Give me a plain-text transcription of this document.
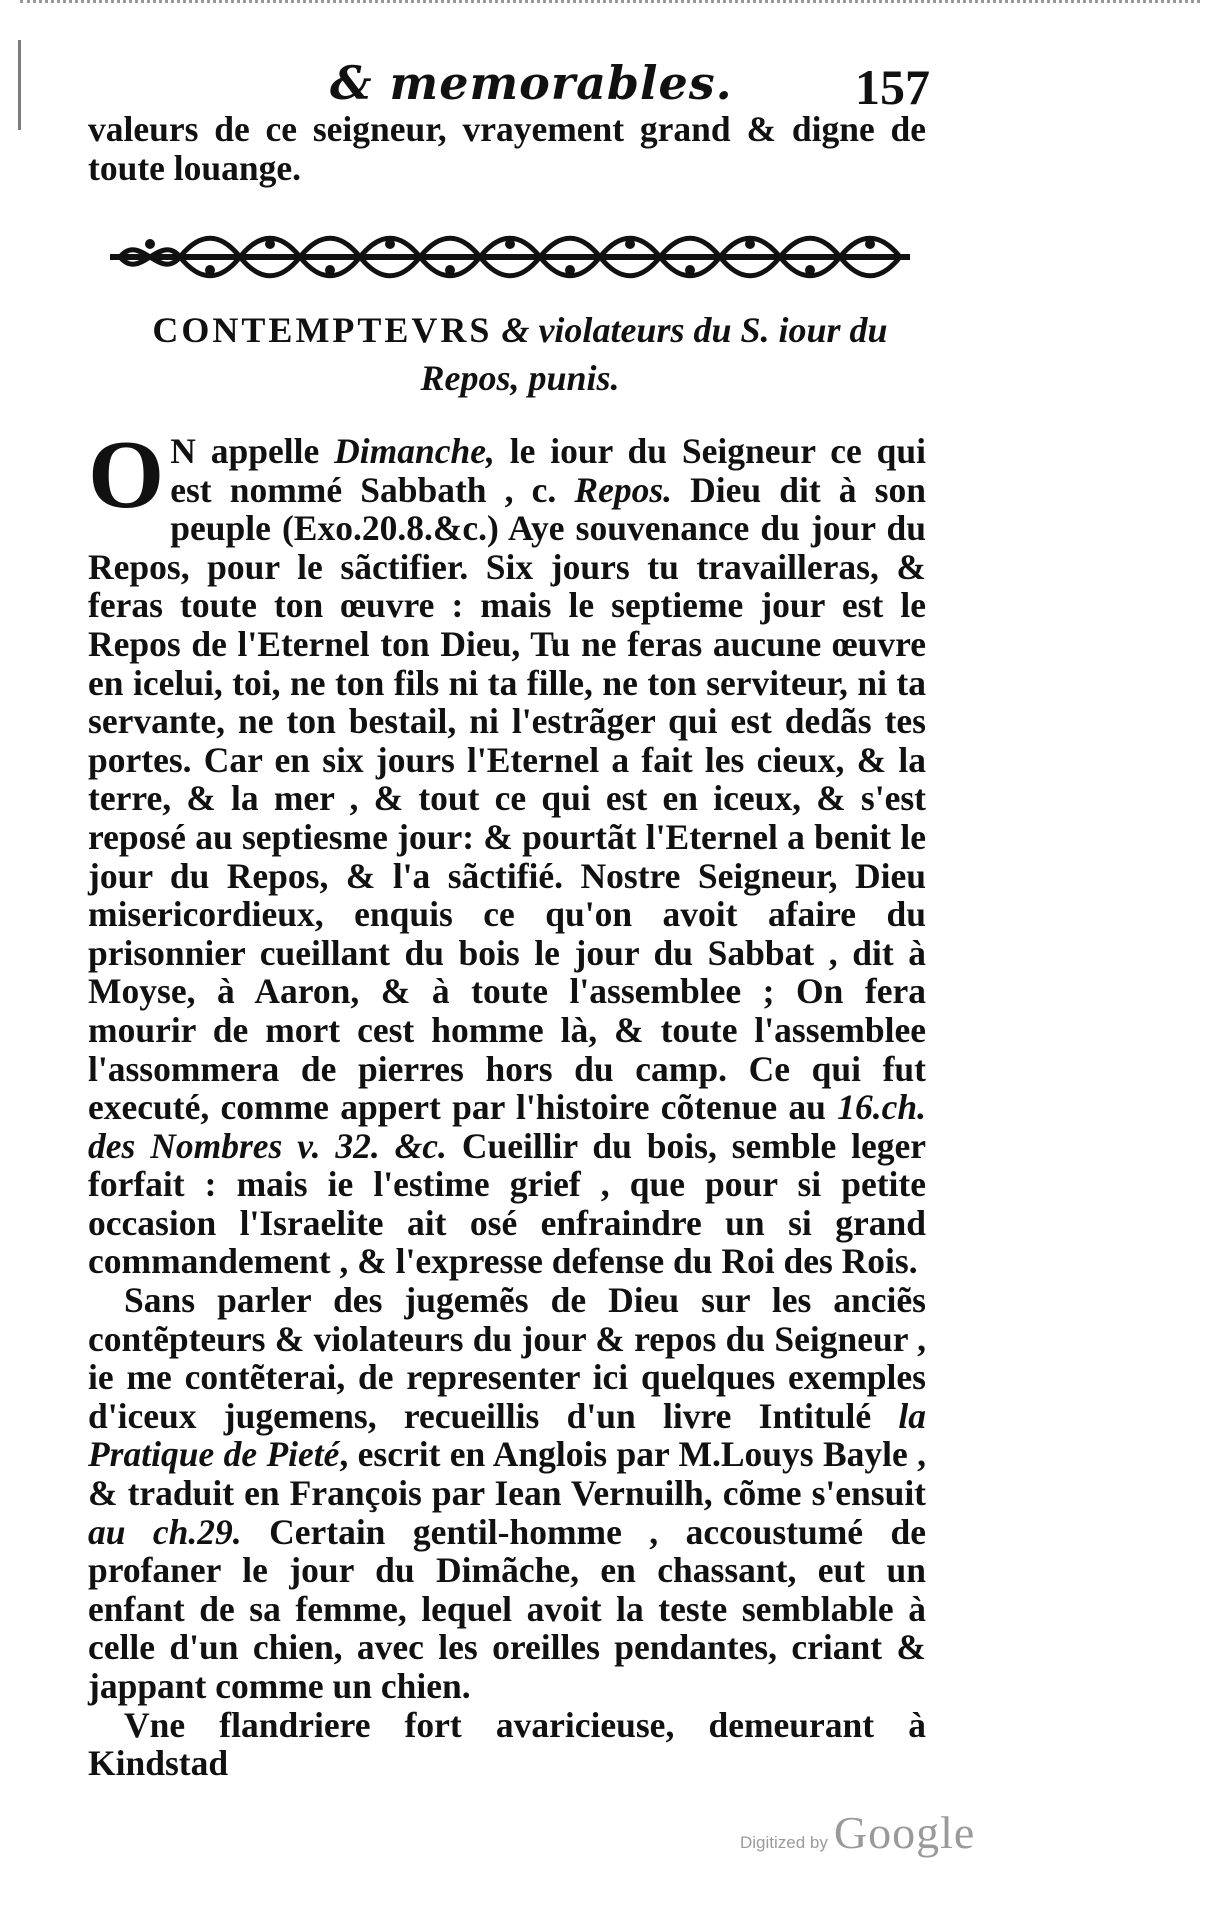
& memorables. 157
valeurs de ce seigneur, vrayement grand & digne de toute louange.
CONTEMPTEVRS & violateurs du S. iour du Repos, punis.

O N appelle Dimanche, le iour du Seigneur ce qui est nommé Sabbath , c. Repos. Dieu dit à son peuple (Exo.20.8.&c.) Aye souvenance du jour du Repos, pour le sãctifier. Six jours tu travailleras, & feras toute ton œuvre : mais le septieme jour est le Repos de l'Eternel ton Dieu, Tu ne feras aucune œuvre en icelui, toi, ne ton fils ni ta fille, ne ton serviteur, ni ta servante, ne ton bestail, ni l'estrãger qui est dedãs tes portes. Car en six jours l'Eternel a fait les cieux, & la terre, & la mer , & tout ce qui est en iceux, & s'est reposé au septiesme jour: & pourtãt l'Eternel a benit le jour du Repos, & l'a sãctifié. Nostre Seigneur, Dieu misericordieux, enquis ce qu'on avoit afaire du prisonnier cueillant du bois le jour du Sabbat , dit à Moyse, à Aaron, & à toute l'assemblee ; On fera mourir de mort cest homme là, & toute l'assemblee l'assommera de pierres hors du camp. Ce qui fut executé, comme appert par l'histoire cõtenue au 16.ch. des Nombres v. 32. &c. Cueillir du bois, semble leger forfait : mais ie l'estime grief , que pour si petite occasion l'Israelite ait osé enfraindre un si grand commandement , & l'expresse defense du Roi des Rois.

Sans parler des jugemẽs de Dieu sur les anciẽs contẽpteurs & violateurs du jour & repos du Seigneur , ie me contẽterai, de representer ici quelques exemples d'iceux jugemens, recueillis d'un livre Intitulé la Pratique de Pieté, escrit en Anglois par M.Louys Bayle , & traduit en François par Iean Vernuilh, cõme s'ensuit au ch.29. Certain gentil-homme , accoustumé de profaner le jour du Dimãche, en chassant, eut un enfant de sa femme, lequel avoit la teste semblable à celle d'un chien, avec les oreilles pendantes, criant & jappant comme un chien.

Vne flandriere fort avaricieuse, demeurant à Kindstad

Digitized by Google
